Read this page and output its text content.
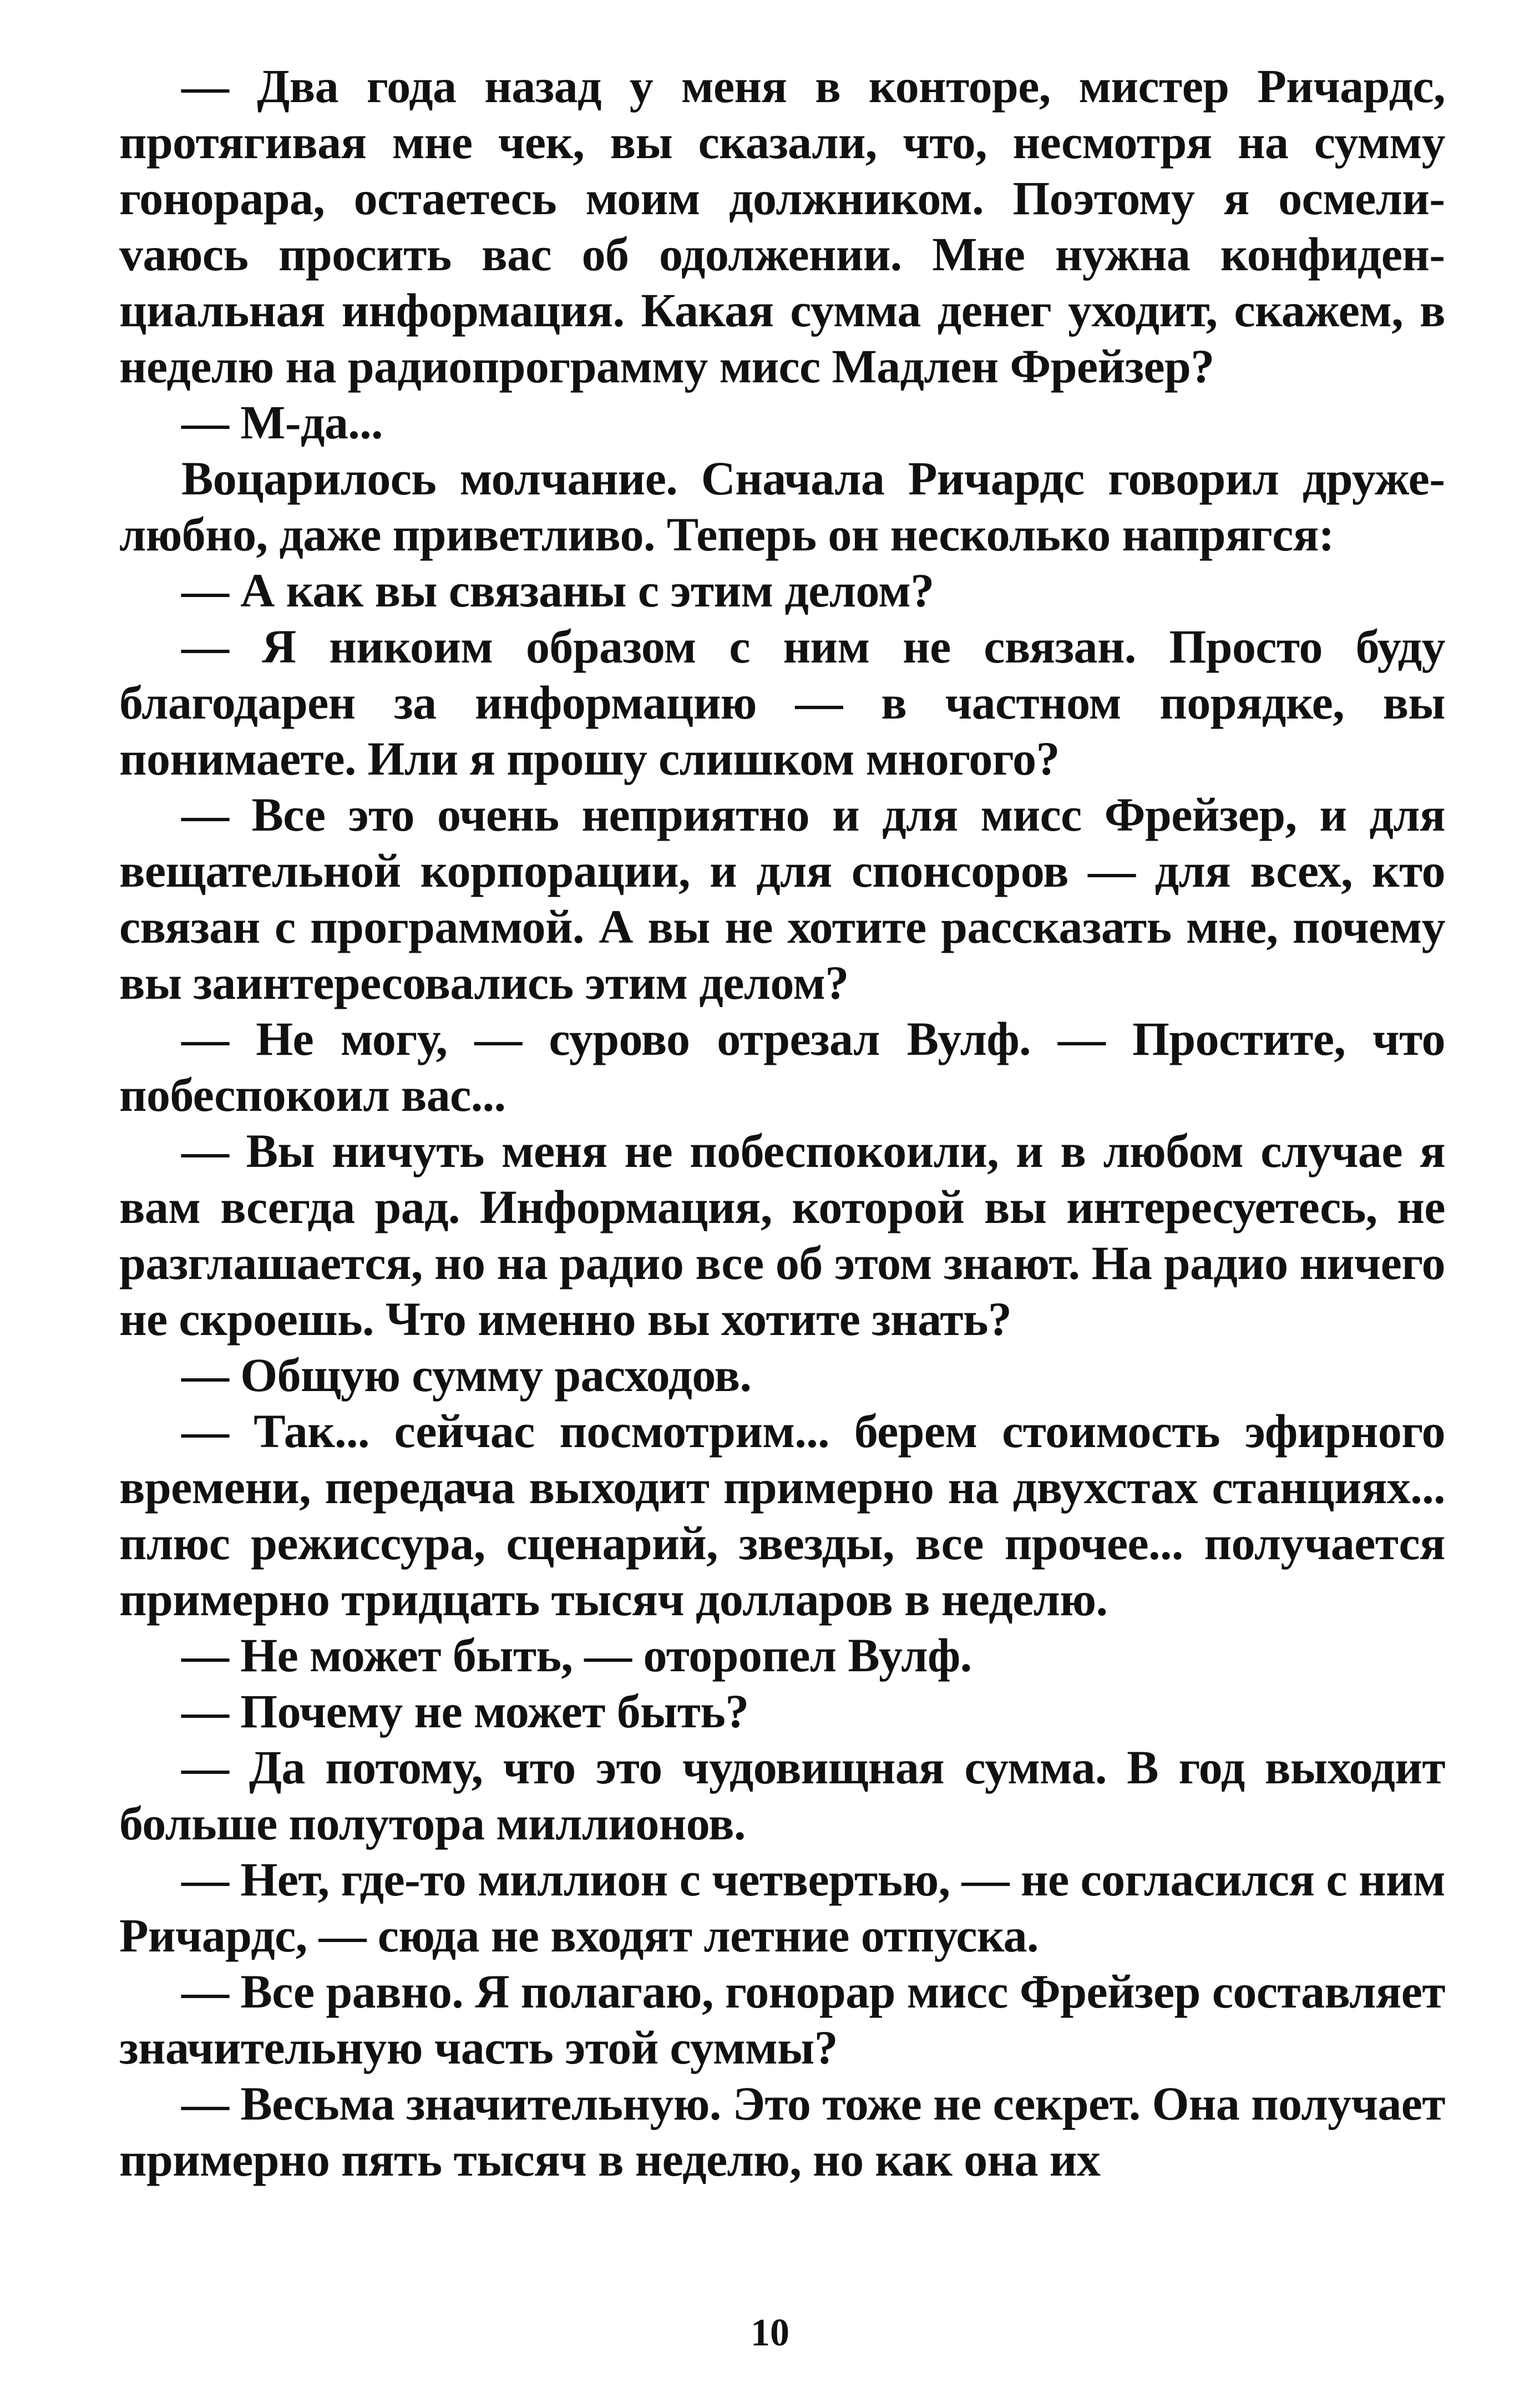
— Два года назад у меня в конторе, мистер Ричардс, протягивая мне чек, вы сказали, что, несмотря на сумму гонорара, остаетесь моим должником. Поэтому я осмелиvаюсь просить вас об одолжении. Мне нужна конфиденциальная информация. Какая сумма денег уходит, скажем, в неделю на радиопрограмму мисс Мадлен Фрейзер?

— М-да...

Воцарилось молчание. Сначала Ричардс говорил дружелюбно, даже приветливо. Теперь он несколько напрягся:

— А как вы связаны с этим делом?

— Я никоим образом с ним не связан. Просто буду благодарен за информацию — в частном порядке, вы понимаете. Или я прошу слишком многого?

— Все это очень неприятно и для мисс Фрейзер, и для вещательной корпорации, и для спонсоров — для всех, кто связан с программой. А вы не хотите рассказать мне, почему вы заинтересовались этим делом?

— Не могу, — сурово отрезал Вулф. — Простите, что побеспокоил вас...

— Вы ничуть меня не побеспокоили, и в любом случае я вам всегда рад. Информация, которой вы интересуетесь, не разглашается, но на радио все об этом знают. На радио ничего не скроешь. Что именно вы хотите знать?

— Общую сумму расходов.

— Так... сейчас посмотрим... берем стоимость эфирного времени, передача выходит примерно на двухстах станциях... плюс режиссура, сценарий, звезды, все прочее... получается примерно тридцать тысяч долларов в неделю.

— Не может быть, — оторопел Вулф.

— Почему не может быть?

— Да потому, что это чудовищная сумма. В год выходит больше полутора миллионов.

— Нет, где-то миллион с четвертью, — не согласился с ним Ричардс, — сюда не входят летние отпуска.

— Все равно. Я полагаю, гонорар мисс Фрейзер составляет значительную часть этой суммы?

— Весьма значительную. Это тоже не секрет. Она получает примерно пять тысяч в неделю, но как она их

10
